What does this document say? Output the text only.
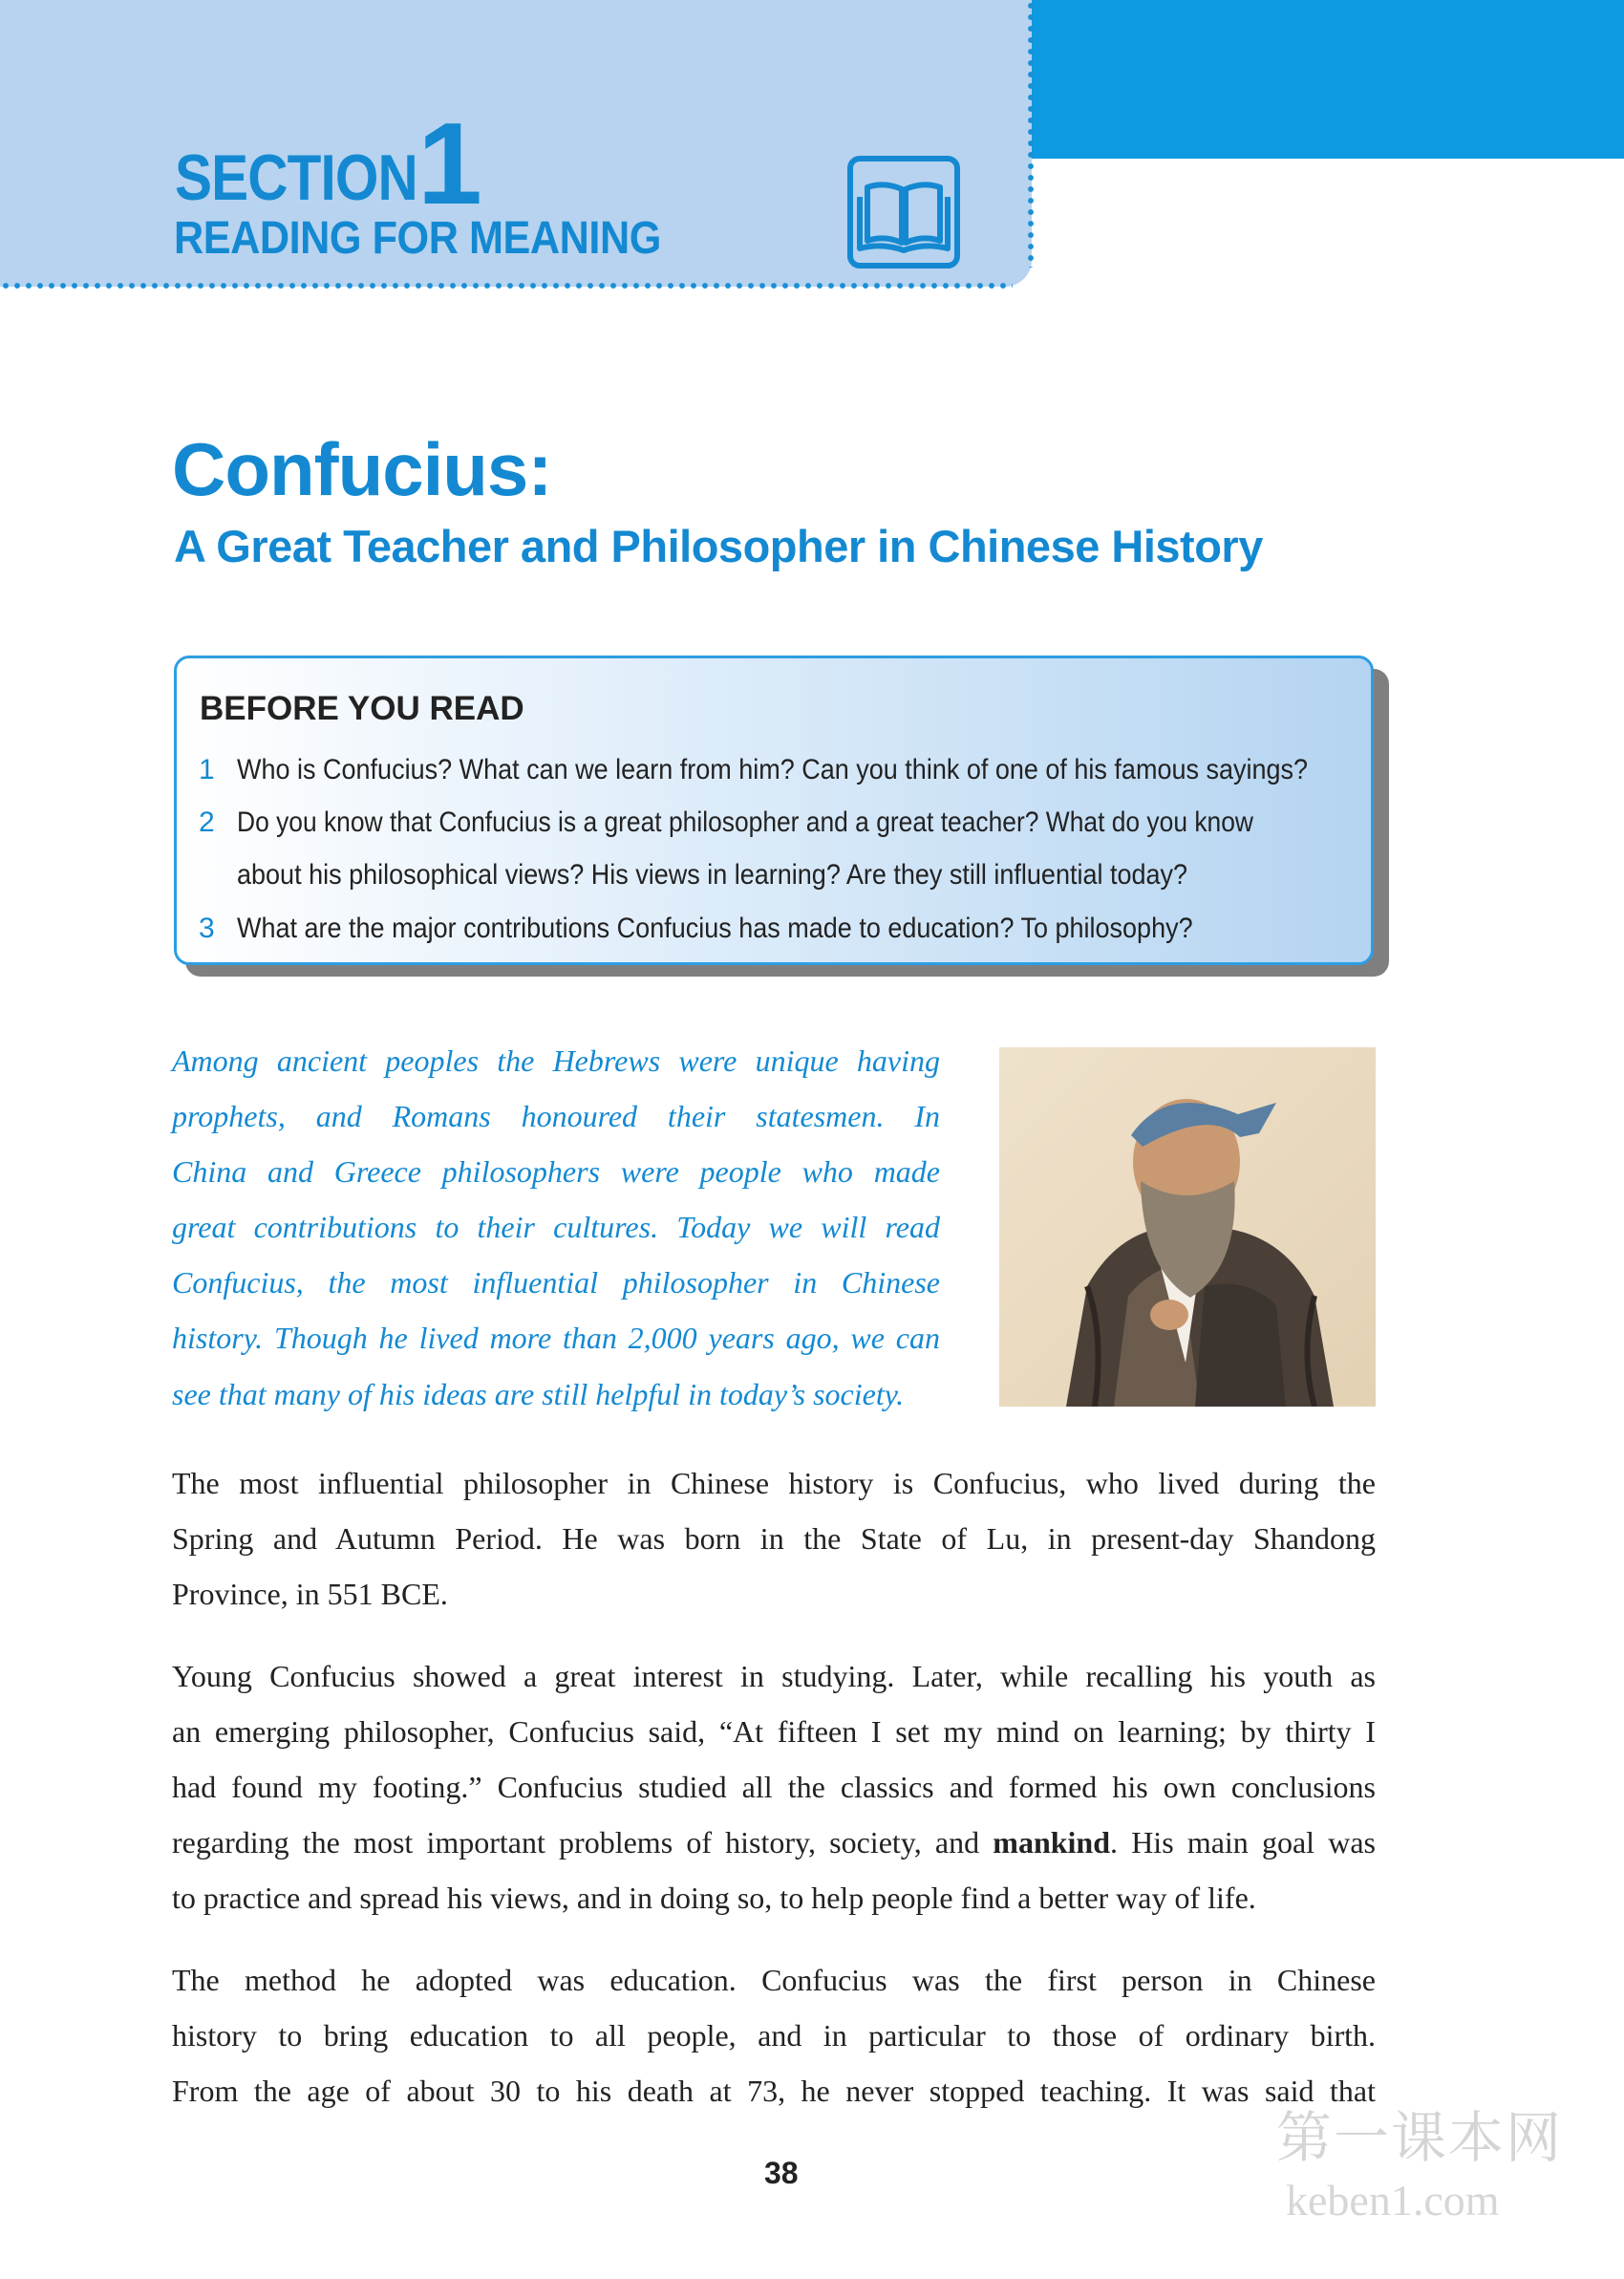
SECTION 1
READING FOR MEANING
Confucius:
A Great Teacher and Philosopher in Chinese History
BEFORE YOU READ
1 Who is Confucius? What can we learn from him? Can you think of one of his famous sayings?
2 Do you know that Confucius is a great philosopher and a great teacher? What do you know
about his philosophical views? His views in learning? Are they still influential today?
3 What are the major contributions Confucius has made to education? To philosophy?
Among ancient peoples the Hebrews were unique having
prophets, and Romans honoured their statesmen. In
China and Greece philosophers were people who made
great contributions to their cultures. Today we will read
Confucius, the most influential philosopher in Chinese
history. Though he lived more than 2,000 years ago, we can
see that many of his ideas are still helpful in today’s society.
The most influential philosopher in Chinese history is Confucius, who lived during the
Spring and Autumn Period. He was born in the State of Lu, in present-day Shandong
Province, in 551 BCE.
Young Confucius showed a great interest in studying. Later, while recalling his youth as
an emerging philosopher, Confucius said, “At fifteen I set my mind on learning; by thirty I
had found my footing.” Confucius studied all the classics and formed his own conclusions
regarding the most important problems of history, society, and mankind. His main goal was
to practice and spread his views, and in doing so, to help people find a better way of life.
The method he adopted was education. Confucius was the first person in Chinese
history to bring education to all people, and in particular to those of ordinary birth.
From the age of about 30 to his death at 73, he never stopped teaching. It was said that
38
第一课本网
keben1.com
